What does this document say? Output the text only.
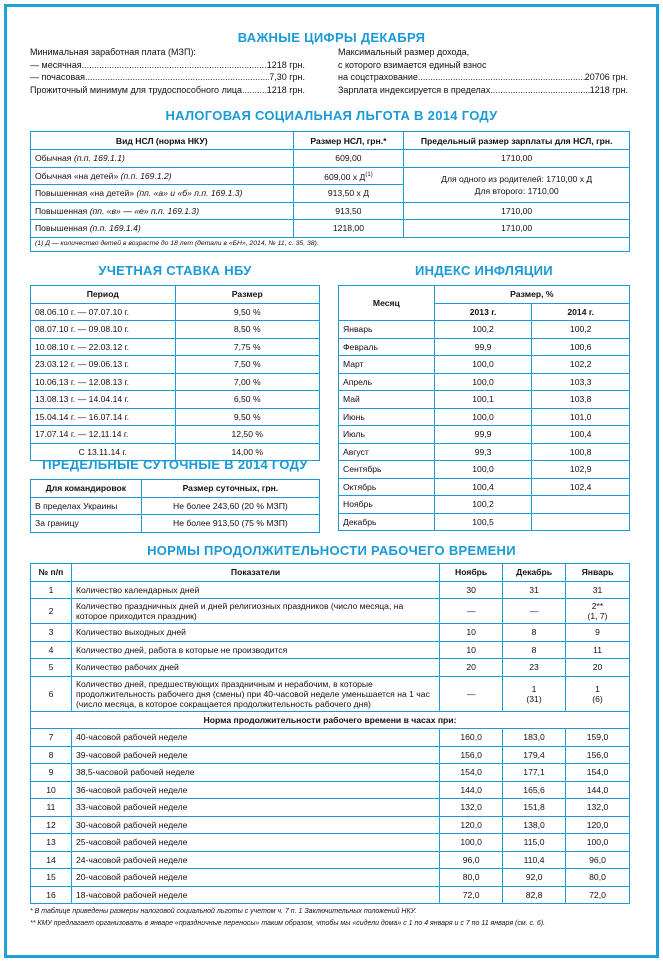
ВАЖНЫЕ ЦИФРЫ ДЕКАБРЯ
Минимальная заработная плата (МЗП):
— месячная .....	1218 грн.
— почасовая .....	7,30 грн.
Прожиточный минимум для трудоспособного лица .....	1218 грн.
Максимальный размер дохода,
с которого взимается единый взнос
на соцстрахование .....	20706 грн.
Зарплата индексируется в пределах .....	1218 грн.
НАЛОГОВАЯ СОЦИАЛЬНАЯ ЛЬГОТА В 2014 ГОДУ
Вид НСЛ (норма НКУ)	Размер НСЛ, грн.*	Предельный размер зарплаты для НСЛ, грн.
Обычная (п.п. 169.1.1)	609,00	1710,00
Обычная «на детей» (п.п. 169.1.2)	609,00 х $Д^{(1)}$	Для одного из родителей: 1710,00 х Д
Для второго: 1710,00
Повышенная «на детей» (пп. «а» и «б» п.п. 169.1.3)	913,50 х Д	
Повышенная (пп. «в» — «е» п.п. 169.1.3)	913,50	1710,00
Повышенная (п.п. 169.1.4)	1218,00	1710,00
(1) Д — количество детей в возрасте до 18 лет (детали в «БН», 2014, № 11, с. 35, 38).		
УЧЕТНАЯ СТАВКА НБУ
Период	Размер
08.06.10 г. — 07.07.10 г.	9,50 %
08.07.10 г. — 09.08.10 г.	8,50 %
10.08.10 г. — 22.03.12 г.	7,75 %
23.03.12 г. — 09.06.13 г.	7,50 %
10.06.13 г. — 12.08.13 г.	7,00 %
13.08.13 г. — 14.04.14 г.	6,50 %
15.04.14 г. — 16.07.14 г.	9,50 %
17.07.14 г. — 12.11.14 г.	12,50 %
С 13.11.14 г.	14,00 %
ПРЕДЕЛЬНЫЕ СУТОЧНЫЕ В 2014 ГОДУ
Для командировок	Размер суточных, грн.
В пределах Украины	Не более 243,60 (20 % МЗП)
За границу	Не более 913,50 (75 % МЗП)
ИНДЕКС ИНФЛЯЦИИ
Месяц	Размер, %	
	2013 г.	2014 г.
Январь	100,2	100,2
Февраль	99,9	100,6
Март	100,0	102,2
Апрель	100,0	103,3
Май	100,1	103,8
Июнь	100,0	101,0
Июль	99,9	100,4
Август	99,3	100,8
Сентябрь	100,0	102,9
Октябрь	100,4	102,4
Ноябрь	100,2	
Декабрь	100,5	
НОРМЫ ПРОДОЛЖИТЕЛЬНОСТИ РАБОЧЕГО ВРЕМЕНИ
№ п/п	Показатели	Ноябрь	Декабрь	Январь
1	Количество календарных дней	30	31	31
2	Количество праздничных дней и дней религиозных праздников (число месяца, на которое приходится праздник)	—	—	2**
(1, 7)
3	Количество выходных дней	10	8	9
4	Количество дней, работа в которые не производится	10	8	11
5	Количество рабочих дней	20	23	20
6	Количество дней, предшествующих праздничным и нерабочим, в которые продолжительность рабочего дня (смены) при 40-часовой неделе уменьшается на 1 час (число месяца, в которое сокращается продолжительность рабочего дня)	—	1
(31)	1
(6)
Норма продолжительности рабочего времени в часах при:				
7	40-часовой рабочей неделе	160,0	183,0	159,0
8	39-часовой рабочей неделе	156,0	179,4	156,0
9	38,5-часовой рабочей неделе	154,0	177,1	154,0
10	36-часовой рабочей неделе	144,0	165,6	144,0
11	33-часовой рабочей неделе	132,0	151,8	132,0
12	30-часовой рабочей неделе	120,0	138,0	120,0
13	25-часовой рабочей неделе	100,0	115,0	100,0
14	24-часовой рабочей неделе	96,0	110,4	96,0
15	20-часовой рабочей неделе	80,0	92,0	80,0
16	18-часовой рабочей неделе	72,0	82,8	72,0
* В таблице приведены размеры налоговой социальной льготы с учетом ч. 7 п. 1 Заключительных положений НКУ.
** КМУ предлагает организовать в январе «праздничные переносы» таким образом, чтобы мы «сидели дома» с 1 по 4 января и с 7 по 11 января (см. с. 6).
